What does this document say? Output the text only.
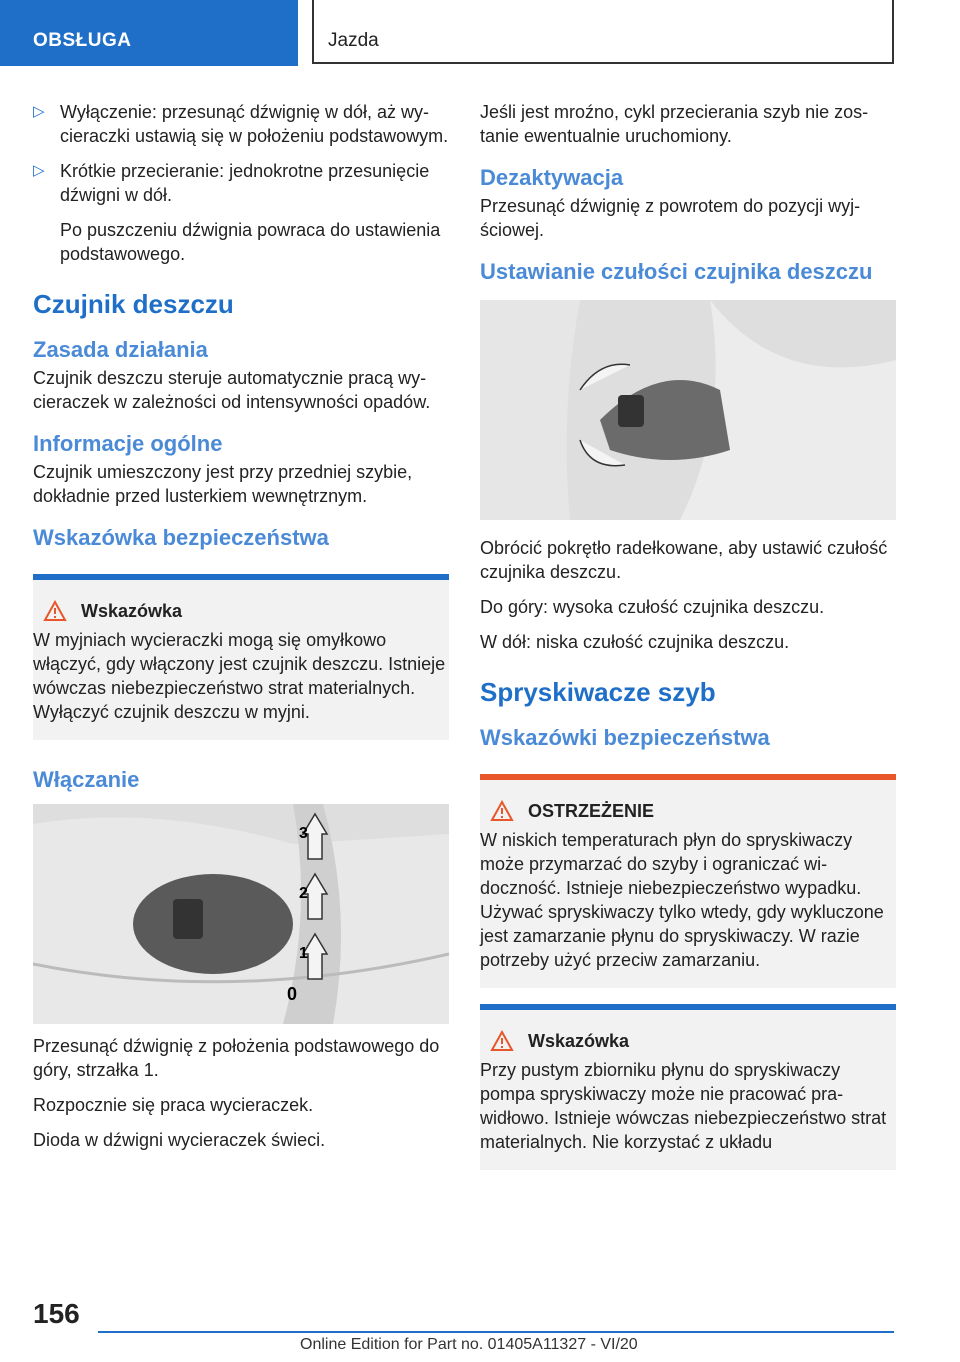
OBSŁUGA	Jazda

▷ Wyłączenie: przesunąć dźwignię w dół, aż wycieraczki ustawią się w położeniu podstawowym.

▷ Krótkie przecieranie: jednokrotne przesunięcie dźwigni w dół.

Po puszczeniu dźwignia powraca do ustawienia podstawowego.

Czujnik deszczu
Zasada działania

Czujnik deszczu steruje automatycznie pracą wycieraczek w zależności od intensywności opadów.

Informacje ogólne

Czujnik umieszczony jest przy przedniej szybie, dokładnie przed lusterkiem wewnętrznym.

Wskazówka bezpieczeństwa
Wskazówka

W myjniach wycieraczki mogą się omyłkowo włączyć, gdy włączony jest czujnik deszczu. Istnieje wówczas niebezpieczeństwo strat materialnych. Wyłączyć czujnik deszczu w myjni.

Włączanie
3
2
1
0

Przesunąć dźwignię z położenia podstawowego do góry, strzałka 1.

Rozpocznie się praca wycieraczek.

Dioda w dźwigni wycieraczek świeci.

Jeśli jest mroźno, cykl przecierania szyb nie zostanie ewentualnie uruchomiony.

Dezaktywacja

Przesunąć dźwignię z powrotem do pozycji wyjściowej.

Ustawianie czułości czujnika deszczu

Obrócić pokrętło radełkowane, aby ustawić czułość czujnika deszczu.

Do góry: wysoka czułość czujnika deszczu.

W dół: niska czułość czujnika deszczu.

Spryskiwacze szyb
Wskazówki bezpieczeństwa
OSTRZEŻENIE

W niskich temperaturach płyn do spryskiwaczy może przymarzać do szyby i ograniczać widoczność. Istnieje niebezpieczeństwo wypadku. Używać spryskiwaczy tylko wtedy, gdy wykluczone jest zamarzanie płynu do spryskiwaczy. W razie potrzeby użyć przeciw zamarzaniu.

Wskazówka

Przy pustym zbiorniku płynu do spryskiwaczy pompa spryskiwaczy może nie pracować prawidłowo. Istnieje wówczas niebezpieczeństwo strat materialnych. Nie korzystać z układu

156
Online Edition for Part no. 01405A11327 - VI/20
